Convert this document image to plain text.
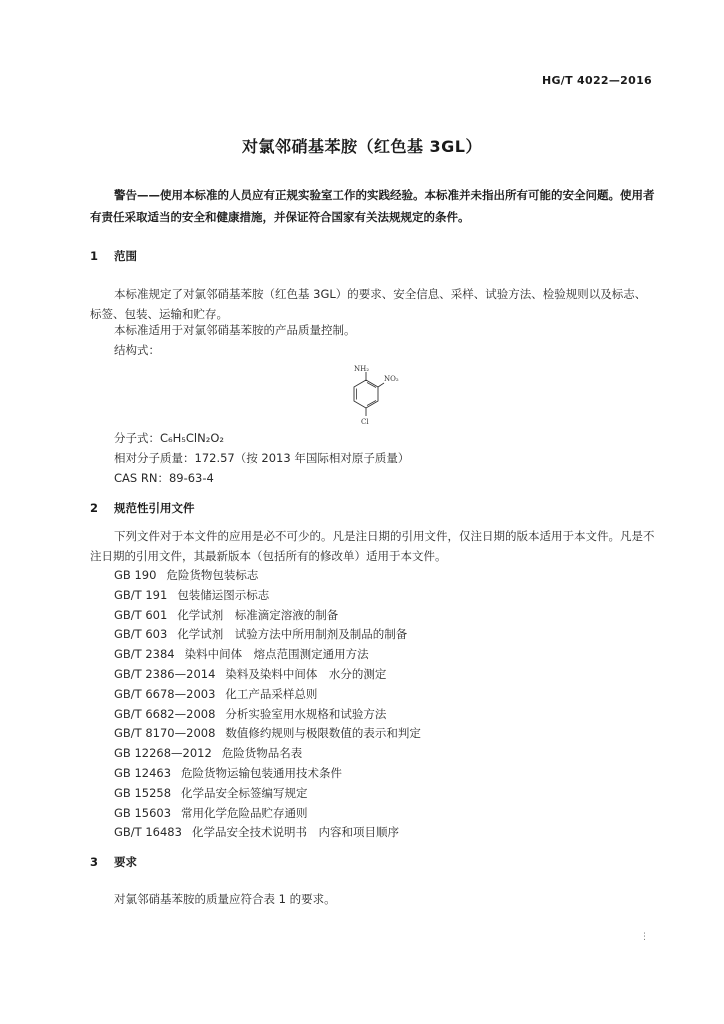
HG/T 4022—2016
对氯邻硝基苯胺（红色基 3GL）
警告——使用本标准的人员应有正规实验室工作的实践经验。本标准并未指出所有可能的安全问题。使用者有责任采取适当的安全和健康措施，并保证符合国家有关法规规定的条件。
1 范围
本标准规定了对氯邻硝基苯胺（红色基 3GL）的要求、安全信息、采样、试验方法、检验规则以及标志、标签、包装、运输和贮存。
本标准适用于对氯邻硝基苯胺的产品质量控制。
结构式：
NH₂
NO₂
Cl
分子式：C₆H₅ClN₂O₂
相对分子质量：172.57（按 2013 年国际相对原子质量）
CAS RN：89-63-4
2 规范性引用文件
下列文件对于本文件的应用是必不可少的。凡是注日期的引用文件，仅注日期的版本适用于本文件。凡是不注日期的引用文件，其最新版本（包括所有的修改单）适用于本文件。
GB 190 危险货物包装标志
GB/T 191 包装储运图示标志
GB/T 601 化学试剂　标准滴定溶液的制备
GB/T 603 化学试剂　试验方法中所用制剂及制品的制备
GB/T 2384 染料中间体　熔点范围测定通用方法
GB/T 2386—2014 染料及染料中间体　水分的测定
GB/T 6678—2003 化工产品采样总则
GB/T 6682—2008 分析实验室用水规格和试验方法
GB/T 8170—2008 数值修约规则与极限数值的表示和判定
GB 12268—2012 危险货物品名表
GB 12463 危险货物运输包装通用技术条件
GB 15258 化学品安全标签编写规定
GB 15603 常用化学危险品贮存通则
GB/T 16483 化学品安全技术说明书　内容和项目顺序
3 要求
对氯邻硝基苯胺的质量应符合表 1 的要求。
⋮
